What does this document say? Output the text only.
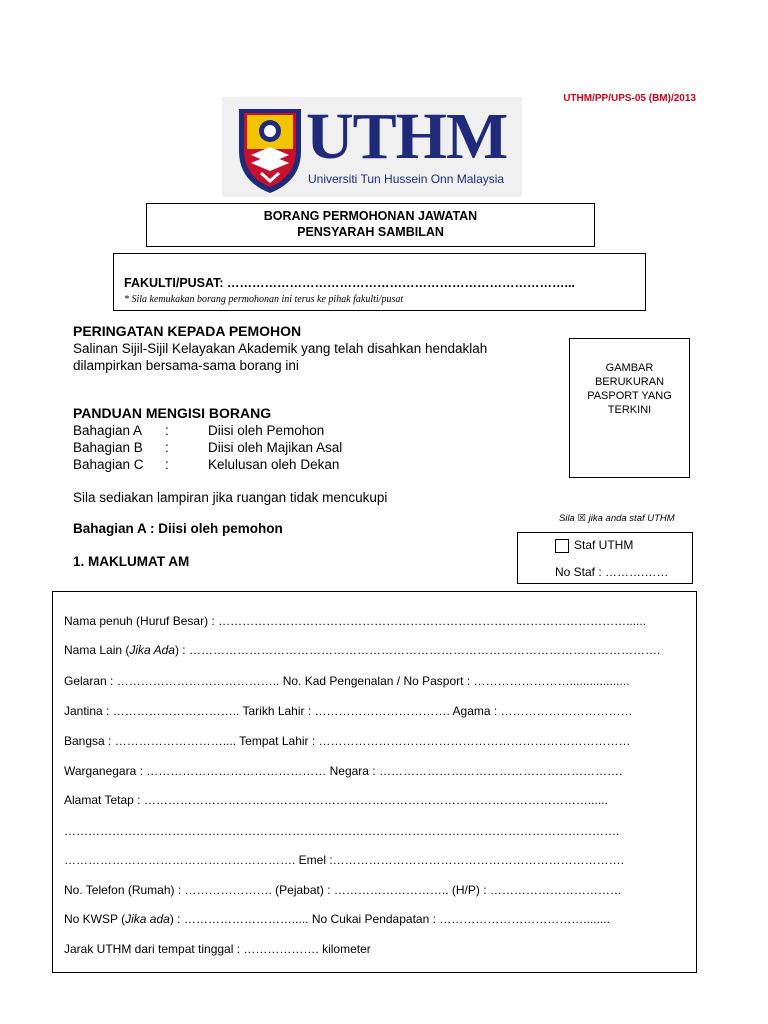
UTHM/PP/UPS-05 (BM)/2013
UTHM
Universiti Tun Hussein Onn Malaysia
BORANG PERMOHONAN JAWATAN
PENSYARAH SAMBILAN
FAKULTI/PUSAT: ………………………………………………………………………...
* Sila kemukakan borang permohonan ini terus ke pihak fakulti/pusat
PERINGATAN KEPADA PEMOHON
Salinan Sijil-Sijil Kelayakan Akademik yang telah disahkan hendaklah
dilampirkan bersama-sama borang ini	GAMBAR
BERUKURAN
PASPORT YANG
TERKINI
PANDUAN MENGISI BORANG
Bahagian A :	Diisi oleh Pemohon
Bahagian B :	Diisi oleh Majikan Asal
Bahagian C :	Kelulusan oleh Dekan
Sila sediakan lampiran jika ruangan tidak mencukupi
Bahagian A : Diisi oleh pemohon
1. MAKLUMAT AM
Sila ☒ jika anda staf UTHM
Staf UTHM
No Staf : ……….……
Nama penuh (Huruf Besar) : …………………………………………………………………………………………......
Nama Lain (Jika Ada) : ……………………………………………………………………………………………………….
Gelaran : ………………………………….. No. Kad Pengenalan / No Pasport : ……………………..................
Jantina : ………………………….. Tarikh Lahir : ……………………………. Agama : ……………………………
Bangsa : ……………………….... Tempat Lahir : ……………………………………………………………………
Warganegara : ……………………………………… Negara : …………………………………………………….
Alamat Tetap : …………………………………………………………………………………………………......
………………………………………………………………………………………………………………………….
…………………………………………………. Emel :……………………………………………………………….
No. Telefon (Rumah) : …………………. (Pejabat) : ……………………….. (H/P) : ……………………………
No KWSP (Jika ada) : ………………………..... No Cukai Pendapatan : ………………………………........
Jarak UTHM dari tempat tinggal : ………………. kilometer
